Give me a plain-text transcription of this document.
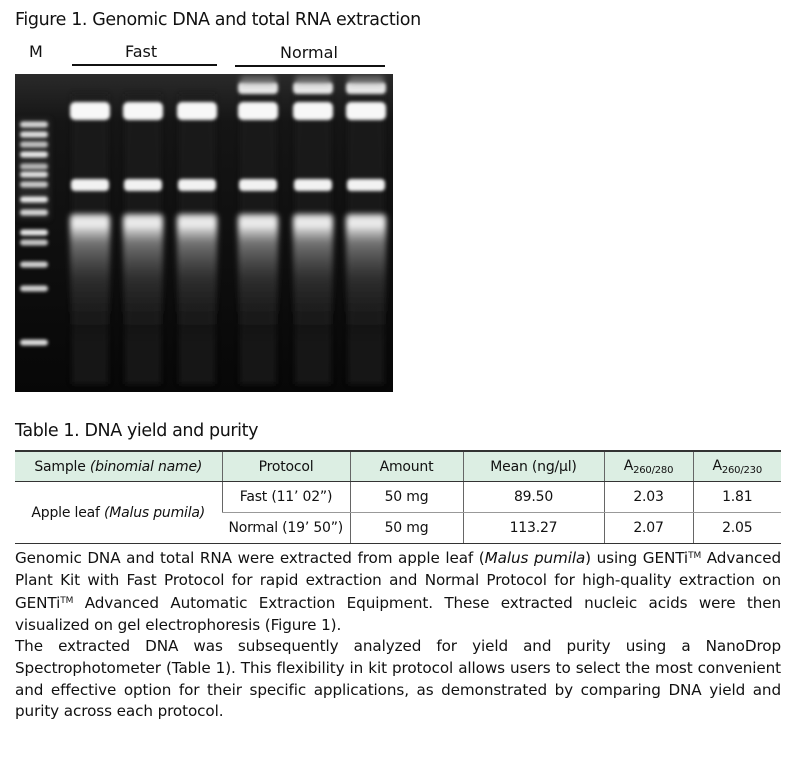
Figure 1. Genomic DNA and total RNA extraction
M	Fast	Normal
Table 1. DNA yield and purity
Sample (binomial name)	Protocol	Amount	Mean (ng/µl)	$A_{260/280}$	$A_{260/230}$
Apple leaf (Malus pumila)	Fast (11’ 02”)	50 mg	89.50	2.03	1.81
	Normal (19’ 50”)	50 mg	113.27	2.07	2.05

Genomic DNA and total RNA were extracted from apple leaf (Malus pumila) using GENTi™ Advanced Plant Kit with Fast Protocol for rapid extraction and Normal Protocol for high-quality extraction on GENTi™ Advanced Automatic Extraction Equipment. These extracted nucleic acids were then visualized on gel electrophoresis (Figure 1).

The extracted DNA was subsequently analyzed for yield and purity using a NanoDrop Spectrophotometer (Table 1). This flexibility in kit protocol allows users to select the most convenient and effective option for their specific applications, as demonstrated by comparing DNA yield and purity across each protocol.
